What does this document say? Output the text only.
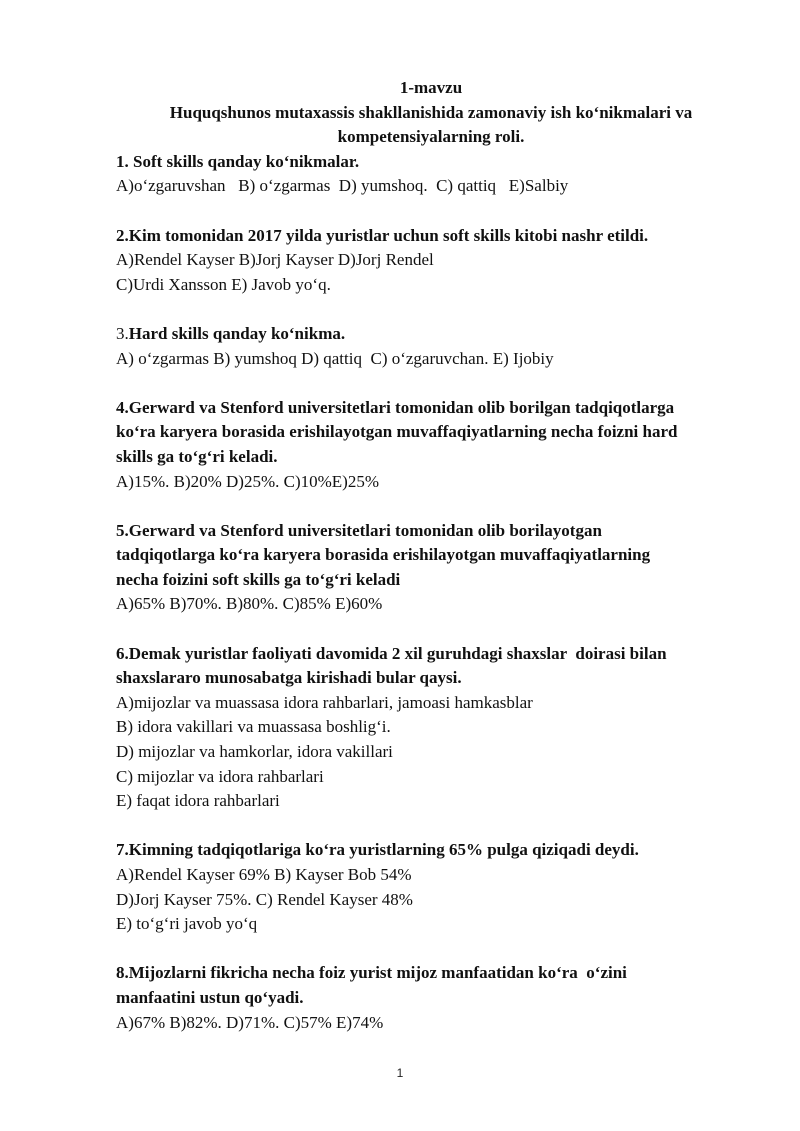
1-mavzu
Huquqshunos mutaxassis shakllanishida zamonaviy ish ko‘nikmalari va
kompetensiyalarning roli.
1. Soft skills qanday ko‘nikmalar.
A)o‘zgaruvshan   B) o‘zgarmas  D) yumshoq.  C) qattiq   E)Salbiy
2.Kim tomonidan 2017 yilda yuristlar uchun soft skills kitobi nashr etildi.
A)Rendel Kayser B)Jorj Kayser D)Jorj Rendel
C)Urdi Xansson E) Javob yo‘q.
3.Hard skills qanday ko‘nikma.
A) o‘zgarmas B) yumshoq D) qattiq  C) o‘zgaruvchan. E) Ijobiy
4.Gerward va Stenford universitetlari tomonidan olib borilgan tadqiqotlarga
ko‘ra karyera borasida erishilayotgan muvaffaqiyatlarning necha foizni hard
skills ga to‘g‘ri keladi.
A)15%. B)20% D)25%. C)10%E)25%
5.Gerward va Stenford universitetlari tomonidan olib borilayotgan
tadqiqotlarga ko‘ra karyera borasida erishilayotgan muvaffaqiyatlarning
necha foizini soft skills ga to‘g‘ri keladi
A)65% B)70%. B)80%. C)85% E)60%
6.Demak yuristlar faoliyati davomida 2 xil guruhdagi shaxslar  doirasi bilan
shaxslararo munosabatga kirishadi bular qaysi.
A)mijozlar va muassasa idora rahbarlari, jamoasi hamkasblar
B) idora vakillari va muassasa boshlig‘i.
D) mijozlar va hamkorlar, idora vakillari
C) mijozlar va idora rahbarlari
E) faqat idora rahbarlari
7.Kimning tadqiqotlariga ko‘ra yuristlarning 65% pulga qiziqadi deydi.
A)Rendel Kayser 69% B) Kayser Bob 54%
D)Jorj Kayser 75%. C) Rendel Kayser 48%
E) to‘g‘ri javob yo‘q
8.Mijozlarni fikricha necha foiz yurist mijoz manfaatidan ko‘ra  o‘zini
manfaatini ustun qo‘yadi.
A)67% B)82%. D)71%. C)57% E)74%
1
